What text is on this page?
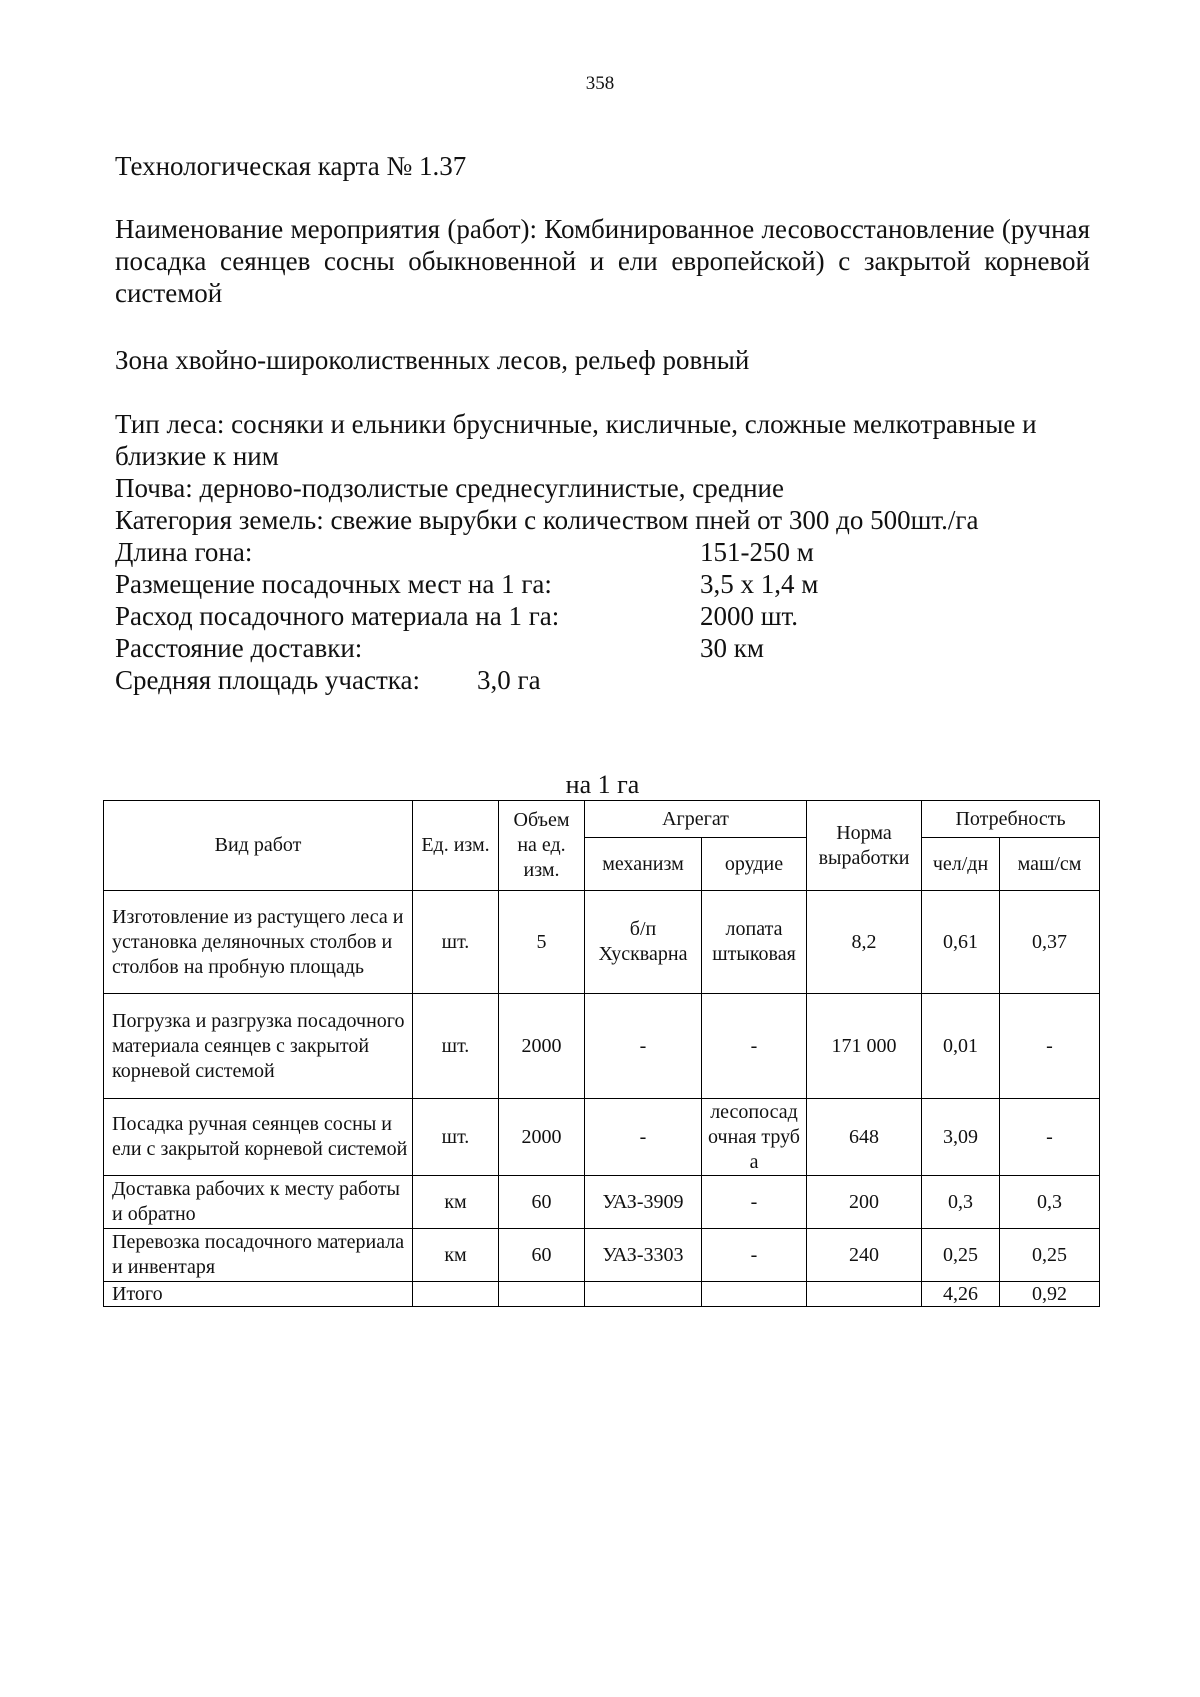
358
Технологическая карта № 1.37
Наименование мероприятия (работ): Комбинированное лесовосстановление (ручная посадка сеянцев сосны обыкновенной и ели европейской) с закрытой корневой системой
Зона хвойно-широколиственных лесов, рельеф ровный
Тип леса: сосняки и ельники брусничные, кисличные, сложные мелкотравные и близкие к ним
Почва: дерново-подзолистые среднесуглинистые, средние
Категория земель: свежие вырубки с количеством пней от 300 до 500шт./га
Длина гона:	151-250 м
Размещение посадочных мест на 1 га:	3,5 х 1,4 м
Расход посадочного материала на 1 га:	2000 шт.
Расстояние доставки:	30 км
Средняя площадь участка: 3,0 га
на 1 га
Вид работ	Ед. изм.	Объем на ед. изм.	Агрегат		Норма выработки	Потребность	
			механизм	орудие		чел/дн	маш/см
Изготовление из растущего леса и установка деляночных столбов и столбов на пробную площадь	шт.	5	б/п Хускварна	лопата штыковая	8,2	0,61	0,37
Погрузка и разгрузка посадочного материала сеянцев с закрытой корневой системой	шт.	2000	-	-	171 000	0,01	-
Посадка ручная сеянцев сосны и ели с закрытой корневой системой	шт.	2000	-	лесопосадочная труба	648	3,09	-
Доставка рабочих к месту работы и обратно	км	60	УАЗ-3909	-	200	0,3	0,3
Перевозка посадочного материала и инвентаря	км	60	УАЗ-3303	-	240	0,25	0,25
Итого						4,26	0,92
